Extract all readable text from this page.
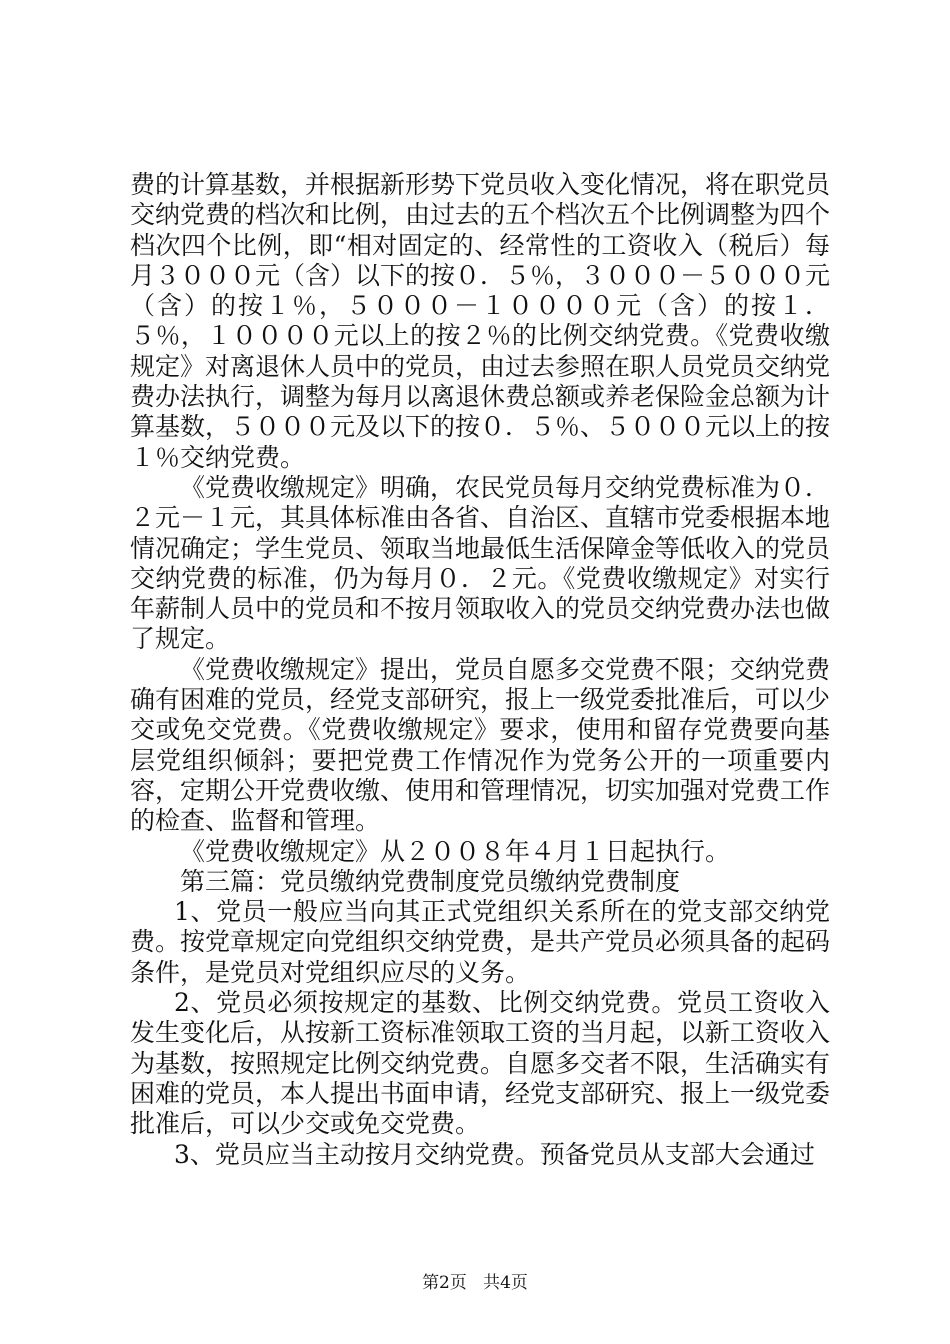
费的计算基数，并根据新形势下党员收入变化情况，将在职党员交纳党费的档次和比例，由过去的五个档次五个比例调整为四个档次四个比例，即“相对固定的、经常性的工资收入（税后）每月３０００元（含）以下的按０．５％，３０００－５０００元（含）的按１％，５０００－１００００元（含）的按１．５％，１００００元以上的按２％的比例交纳党费。《党费收缴规定》对离退休人员中的党员，由过去参照在职人员党员交纳党费办法执行，调整为每月以离退休费总额或养老保险金总额为计算基数，５０００元及以下的按０．５％、５０００元以上的按１％交纳党费。

《党费收缴规定》明确，农民党员每月交纳党费标准为０．２元－１元，其具体标准由各省、自治区、直辖市党委根据本地情况确定；学生党员、领取当地最低生活保障金等低收入的党员交纳党费的标准，仍为每月０．２元。《党费收缴规定》对实行年薪制人员中的党员和不按月领取收入的党员交纳党费办法也做了规定。

《党费收缴规定》提出，党员自愿多交党费不限；交纳党费确有困难的党员，经党支部研究，报上一级党委批准后，可以少交或免交党费。《党费收缴规定》要求，使用和留存党费要向基层党组织倾斜；要把党费工作情况作为党务公开的一项重要内容，定期公开党费收缴、使用和管理情况，切实加强对党费工作的检查、监督和管理。

《党费收缴规定》从２００８年４月１日起执行。

第三篇：党员缴纳党费制度党员缴纳党费制度

1、党员一般应当向其正式党组织关系所在的党支部交纳党费。按党章规定向党组织交纳党费，是共产党员必须具备的起码条件，是党员对党组织应尽的义务。

2、党员必须按规定的基数、比例交纳党费。党员工资收入发生变化后，从按新工资标准领取工资的当月起，以新工资收入为基数，按照规定比例交纳党费。自愿多交者不限，生活确实有困难的党员，本人提出书面申请，经党支部研究、报上一级党委批准后，可以少交或免交党费。

3、党员应当主动按月交纳党费。预备党员从支部大会通过

第2页 共4页
